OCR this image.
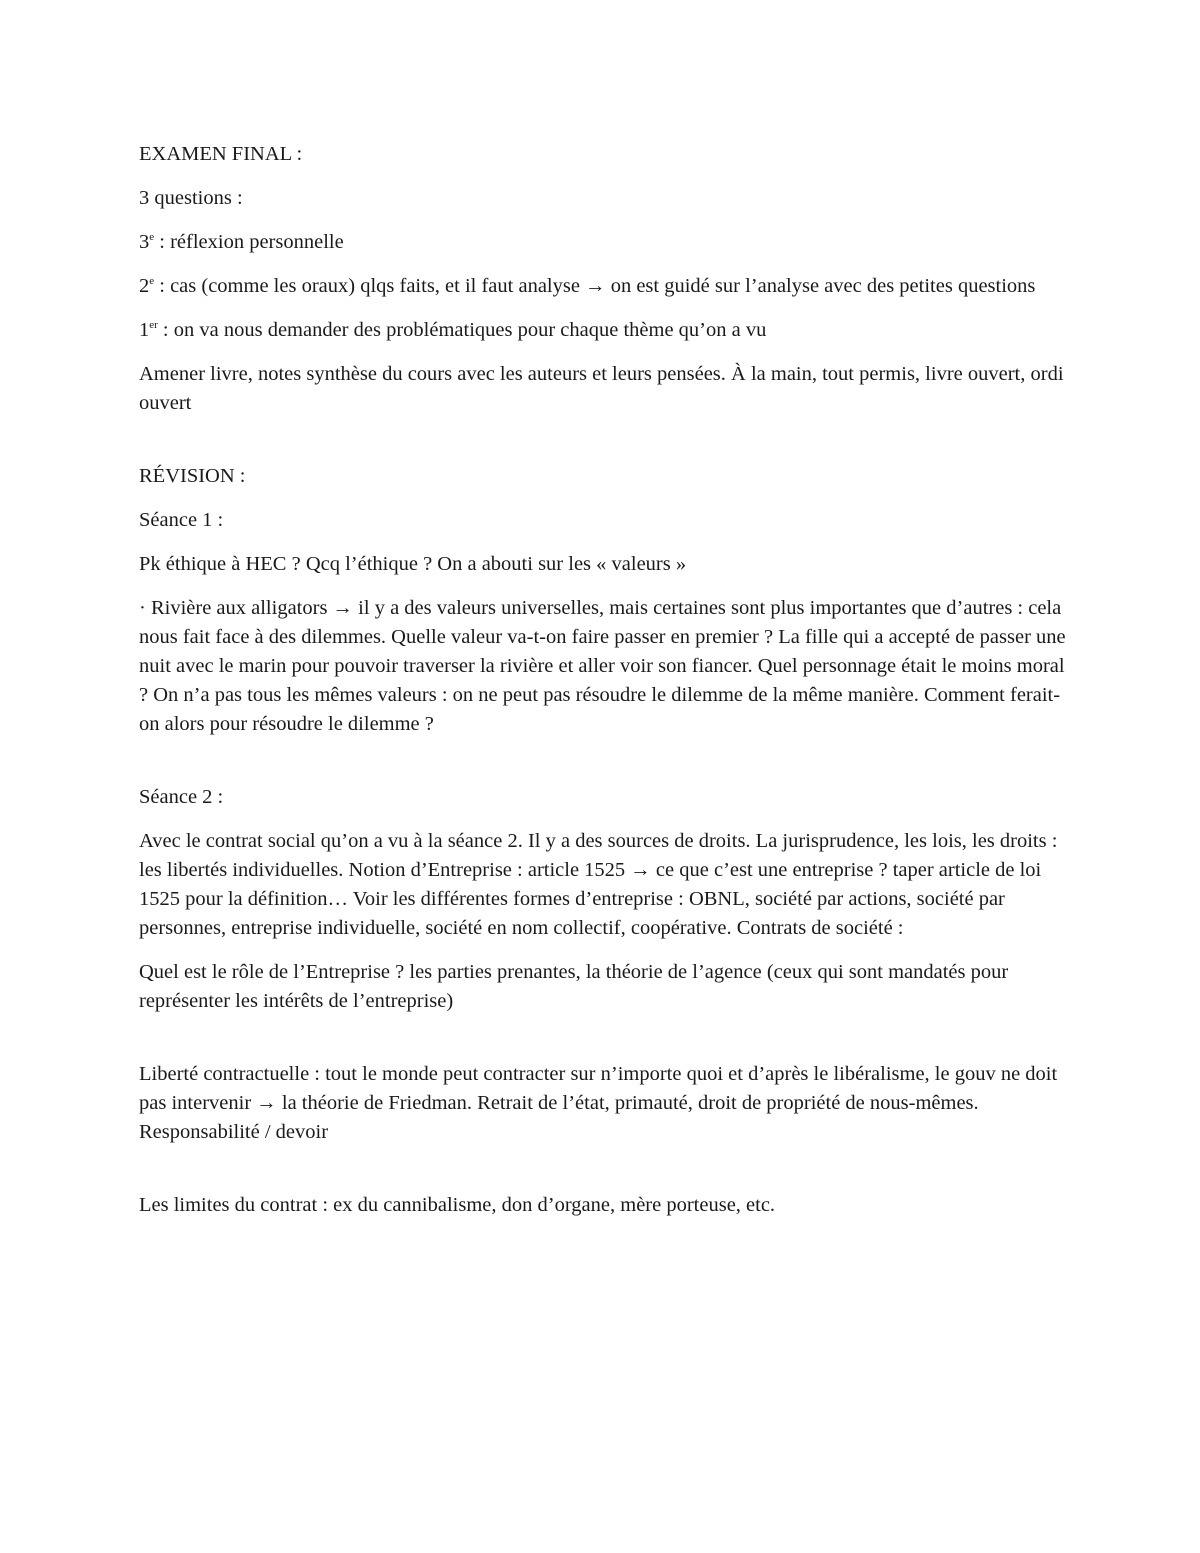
EXAMEN FINAL :

3 questions :

3e : réflexion personnelle

2e : cas (comme les oraux) qlqs faits, et il faut analyse → on est guidé sur l’analyse avec des petites questions

1er : on va nous demander des problématiques pour chaque thème qu’on a vu

Amener livre, notes synthèse du cours avec les auteurs et leurs pensées. À la main, tout permis, livre ouvert, ordi ouvert

RÉVISION :

Séance 1 :

Pk éthique à HEC ? Qcq l’éthique ? On a abouti sur les « valeurs »

· Rivière aux alligators → il y a des valeurs universelles, mais certaines sont plus importantes que d’autres : cela nous fait face à des dilemmes. Quelle valeur va-t-on faire passer en premier ? La fille qui a accepté de passer une nuit avec le marin pour pouvoir traverser la rivière et aller voir son fiancer. Quel personnage était le moins moral ? On n’a pas tous les mêmes valeurs : on ne peut pas résoudre le dilemme de la même manière. Comment ferait-on alors pour résoudre le dilemme ?

Séance 2 :

Avec le contrat social qu’on a vu à la séance 2. Il y a des sources de droits. La jurisprudence, les lois, les droits : les libertés individuelles. Notion d’Entreprise : article 1525 → ce que c’est une entreprise ? taper article de loi 1525 pour la définition… Voir les différentes formes d’entreprise : OBNL, société par actions, société par personnes, entreprise individuelle, société en nom collectif, coopérative. Contrats de société :

Quel est le rôle de l’Entreprise ? les parties prenantes, la théorie de l’agence (ceux qui sont mandatés pour représenter les intérêts de l’entreprise)

Liberté contractuelle : tout le monde peut contracter sur n’importe quoi et d’après le libéralisme, le gouv ne doit pas intervenir → la théorie de Friedman. Retrait de l’état, primauté, droit de propriété de nous-mêmes. Responsabilité / devoir

Les limites du contrat : ex du cannibalisme, don d’organe, mère porteuse, etc.
